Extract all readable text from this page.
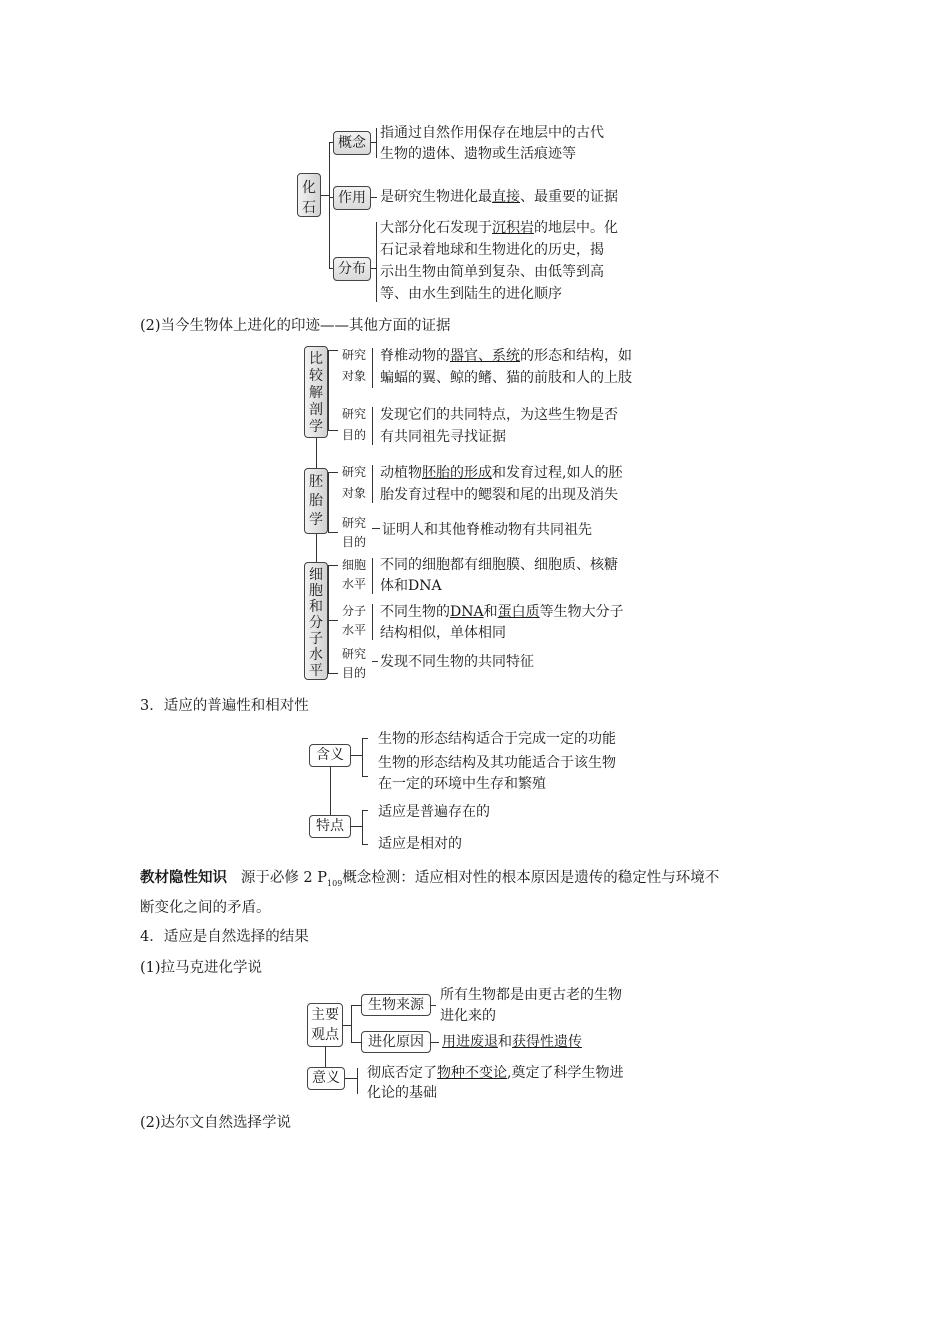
化
石
概念
指通过自然作用保存在地层中的古代
生物的遗体、遗物或生活痕迹等
作用	是研究生物进化最直接、最重要的证据
分布
大部分化石发现于沉积岩的地层中。化
石记录着地球和生物进化的历史，揭
示出生物由简单到复杂、由低等到高
等、由水生到陆生的进化顺序
(2)当今生物体上进化的印迹——其他方面的证据
比
较
解
剖
学
研究
对象
脊椎动物的器官、系统的形态和结构，如
蝙蝠的翼、鲸的鳍、猫的前肢和人的上肢
研究
目的
发现它们的共同特点，为这些生物是否
有共同祖先寻找证据
胚
胎
学
研究
对象
动植物胚胎的形成和发育过程,如人的胚
胎发育过程中的鳃裂和尾的出现及消失
研究
目的
证明人和其他脊椎动物有共同祖先
细
胞
和
分
子
水
平
细胞
水平
不同的细胞都有细胞膜、细胞质、核糖
体和DNA
分子
水平
不同生物的DNA和蛋白质等生物大分子
结构相似，单体相同
研究
目的
发现不同生物的共同特征
3．适应的普遍性和相对性
含义
生物的形态结构适合于完成一定的功能
生物的形态结构及其功能适合于该生物
在一定的环境中生存和繁殖
特点
适应是普遍存在的
适应是相对的
教材隐性知识 源于必修 2 $P_{109}$概念检测：适应相对性的根本原因是遗传的稳定性与环境不
断变化之间的矛盾。
4．适应是自然选择的结果
(1)拉马克进化学说
主要
观点
生物来源
所有生物都是由更古老的生物
进化来的
进化原因	用进废退和获得性遗传
意义	彻底否定了物种不变论,奠定了科学生物进
化论的基础
(2)达尔文自然选择学说
